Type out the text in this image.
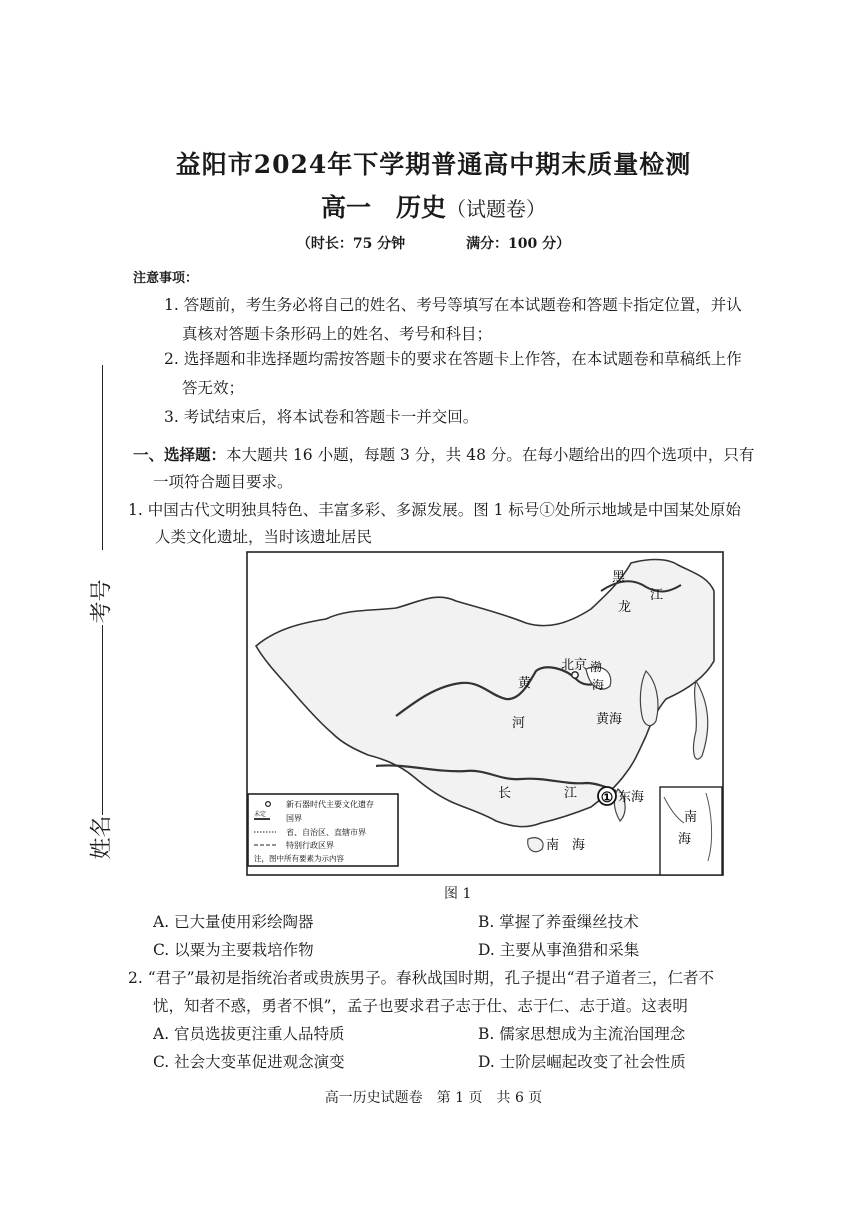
益阳市2024年下学期普通高中期末质量检测
高一　历史（试题卷）
（时长：75 分钟	满分：100 分）
注意事项：
1. 答题前，考生务必将自己的姓名、考号等填写在本试题卷和答题卡指定位置，并认
真核对答题卡条形码上的姓名、考号和科目；
2. 选择题和非选择题均需按答题卡的要求在答题卡上作答，在本试题卷和草稿纸上作
答无效；
3. 考试结束后，将本试卷和答题卡一并交回。
考号
姓名
一、选择题：本大题共 16 小题，每题 3 分，共 48 分。在每小题给出的四个选项中，只有
一项符合题目要求。
1. 中国古代文明独具特色、丰富多彩、多源发展。图 1 标号①处所示地域是中国某处原始
人类文化遗址，当时该遗址居民
①
黑
龙
江
北京 渤
海
黄
河	黄海
长	江	东海
南　海
南
海
新石器时代主要文化遗存
未定 国界
省、自治区、直辖市界
特别行政区界
注，图中所有要素为示内容
图 1
A. 已大量使用彩绘陶器	B. 掌握了养蚕缫丝技术
C. 以粟为主要栽培作物	D. 主要从事渔猎和采集
2. “君子”最初是指统治者或贵族男子。春秋战国时期，孔子提出“君子道者三，仁者不
忧，知者不惑，勇者不惧”，孟子也要求君子志于仕、志于仁、志于道。这表明
A. 官员选拔更注重人品特质	B. 儒家思想成为主流治国理念
C. 社会大变革促进观念演变	D. 士阶层崛起改变了社会性质
高一历史试题卷　第 1 页　共 6 页
